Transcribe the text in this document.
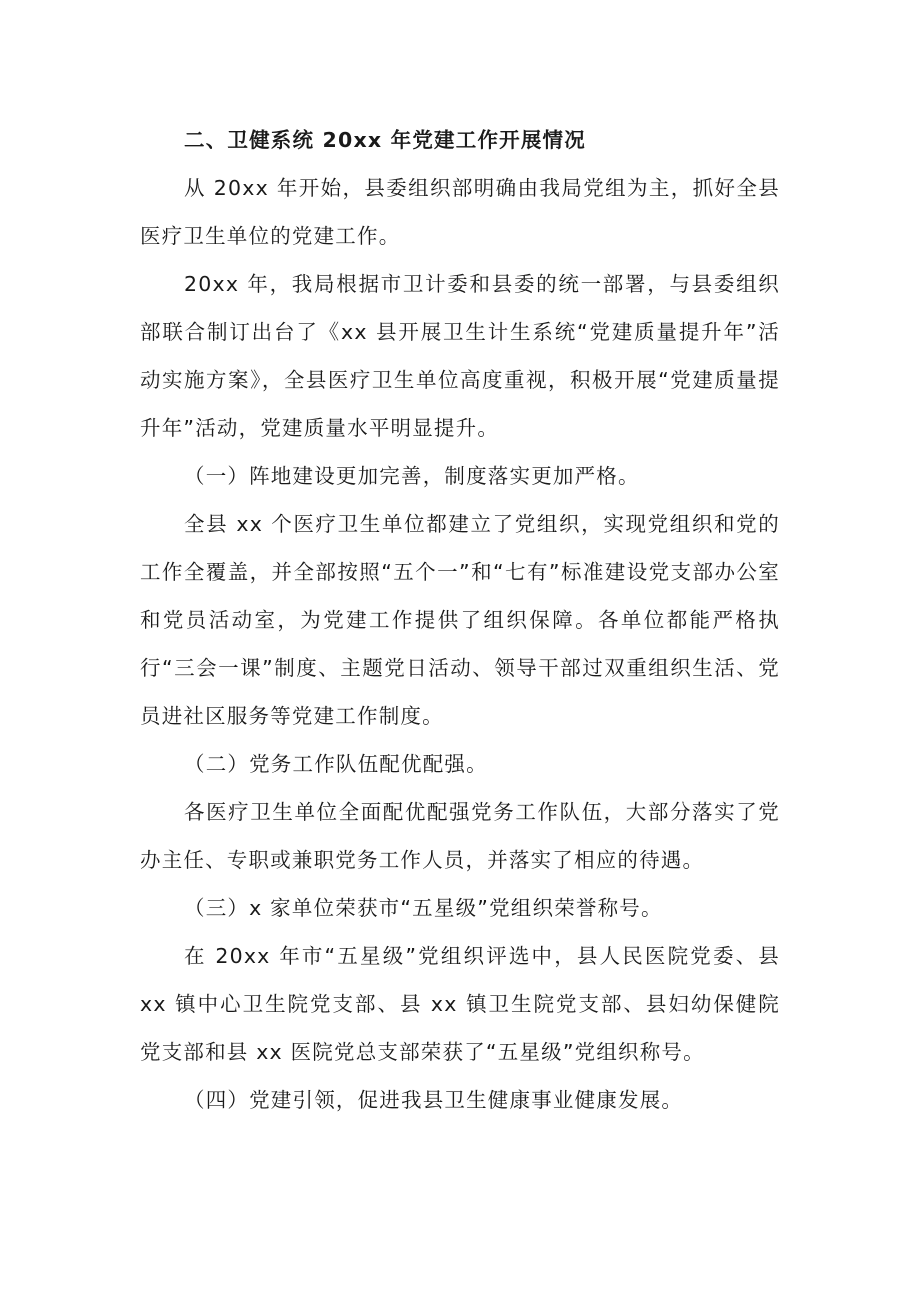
二、卫健系统 20xx 年党建工作开展情况

从 20xx 年开始，县委组织部明确由我局党组为主，抓好全县医疗卫生单位的党建工作。

20xx 年，我局根据市卫计委和县委的统一部署，与县委组织部联合制订出台了《xx 县开展卫生计生系统“党建质量提升年”活动实施方案》，全县医疗卫生单位高度重视，积极开展“党建质量提升年”活动，党建质量水平明显提升。

（一）阵地建设更加完善，制度落实更加严格。

全县 xx 个医疗卫生单位都建立了党组织，实现党组织和党的工作全覆盖，并全部按照“五个一”和“七有”标准建设党支部办公室和党员活动室，为党建工作提供了组织保障。各单位都能严格执行“三会一课”制度、主题党日活动、领导干部过双重组织生活、党员进社区服务等党建工作制度。

（二）党务工作队伍配优配强。

各医疗卫生单位全面配优配强党务工作队伍，大部分落实了党办主任、专职或兼职党务工作人员，并落实了相应的待遇。

（三）x 家单位荣获市“五星级”党组织荣誉称号。

在 20xx 年市“五星级”党组织评选中，县人民医院党委、县 xx 镇中心卫生院党支部、县 xx 镇卫生院党支部、县妇幼保健院党支部和县 xx 医院党总支部荣获了“五星级”党组织称号。

（四）党建引领，促进我县卫生健康事业健康发展。
